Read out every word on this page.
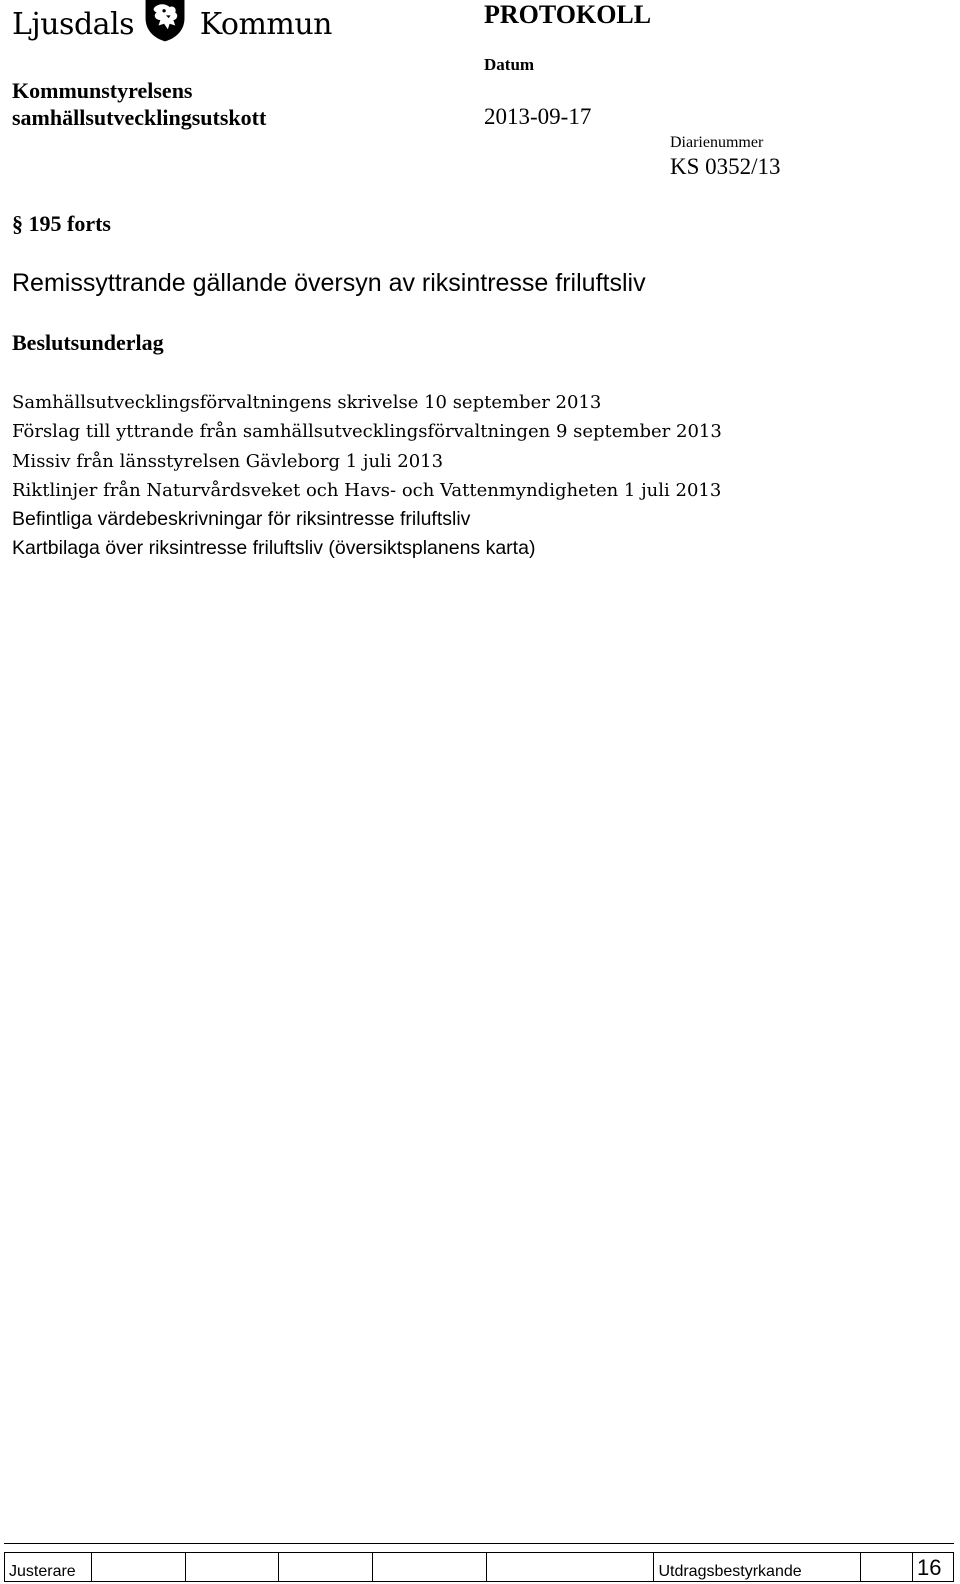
Ljusdals Kommun	PROTOKOLL
Datum
2013-09-17
Kommunstyrelsens
samhällsutvecklingsutskott
Diarienummer
KS 0352/13
§ 195 forts
Remissyttrande gällande översyn av riksintresse friluftsliv
Beslutsunderlag
Samhällsutvecklingsförvaltningens skrivelse 10 september 2013
Förslag till yttrande från samhällsutvecklingsförvaltningen 9 september 2013
Missiv från länsstyrelsen Gävleborg 1 juli 2013
Riktlinjer från Naturvårdsveket och Havs- och Vattenmyndigheten 1 juli 2013
Befintliga värdebeskrivningar för riksintresse friluftsliv
Kartbilaga över riksintresse friluftsliv (översiktsplanens karta)
Justerare						Utdragsbestyrkande		16
